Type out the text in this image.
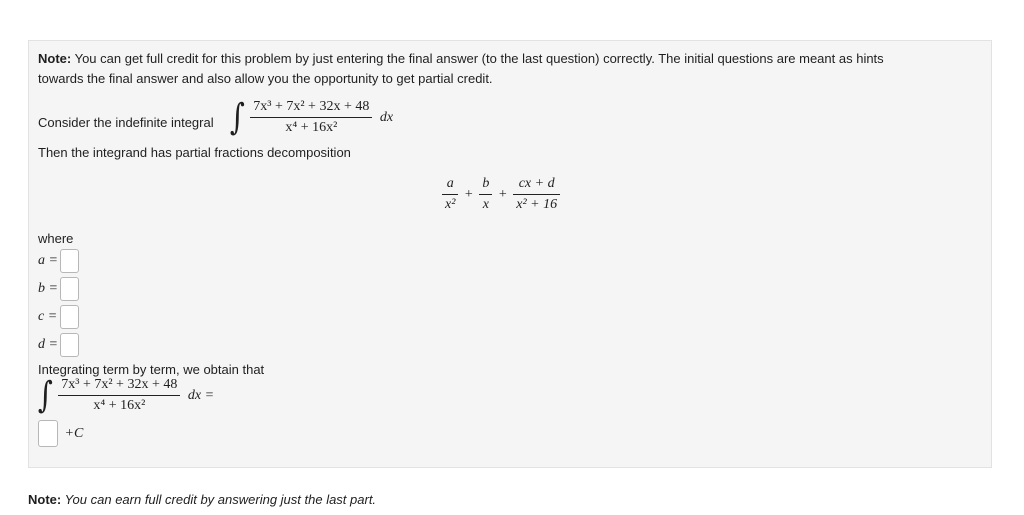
Note: You can get full credit for this problem by just entering the final answer (to the last question) correctly. The initial questions are meant as hints
towards the final answer and also allow you the opportunity to get partial credit.
Consider the indefinite integral ∫ $\frac{\text{7x³ + 7x² + 32x + 48}}{\text{x⁴ + 16x²}}$ dx
Then the integrand has partial fractions decomposition
$\frac{a}{\text{x²}} + \frac{b}{x} + \frac{cx + d}{\text{x² + 16}}$
where
a =
b =
c =
d =
Integrating term by term, we obtain that
∫ $\frac{\text{7x³ + 7x² + 32x + 48}}{\text{x⁴ + 16x²}}$ dx =
+C
Note: You can earn full credit by answering just the last part.
